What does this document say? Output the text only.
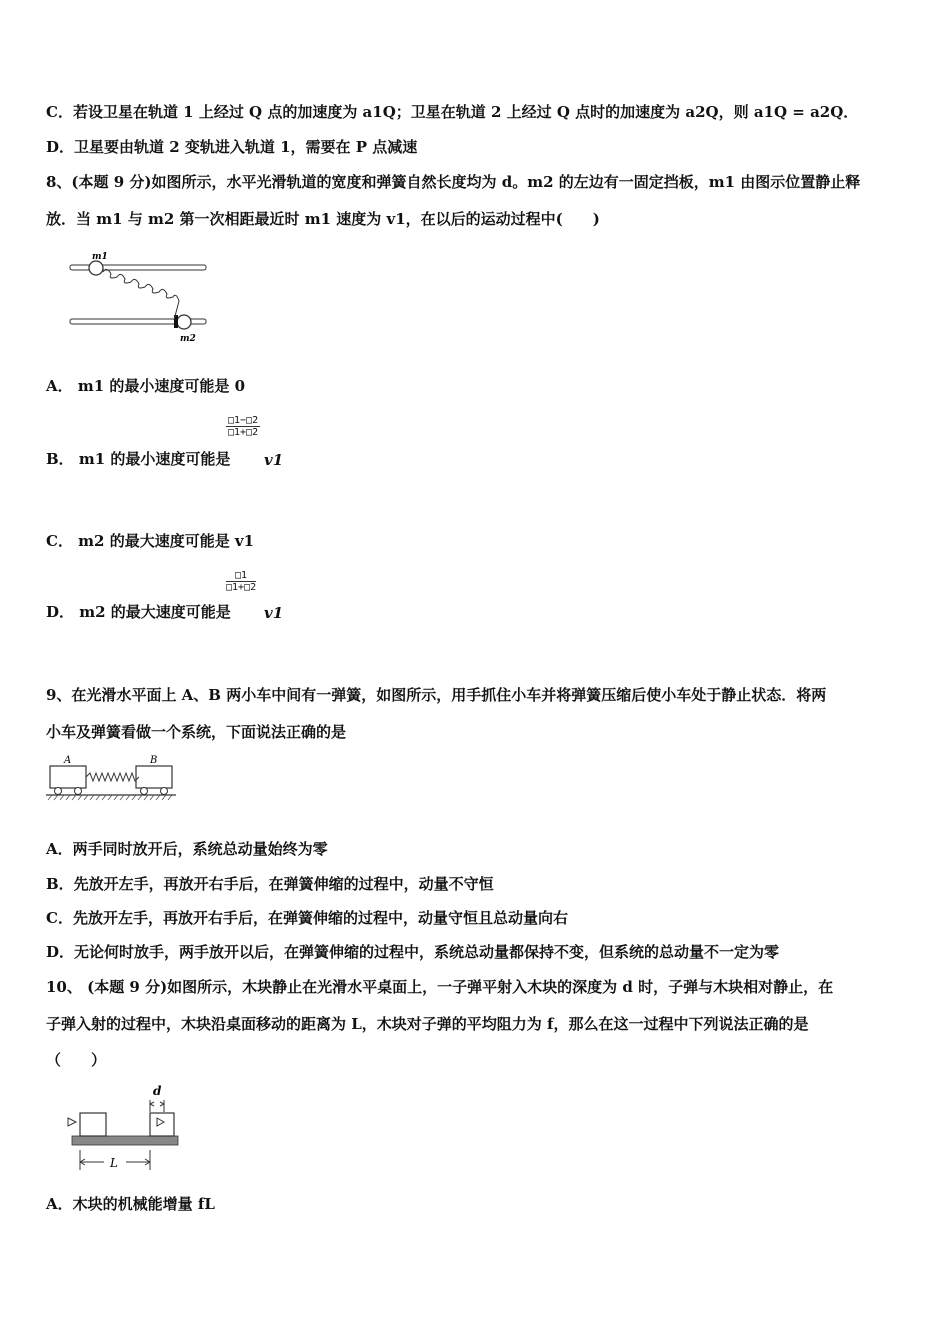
C．若设卫星在轨道 1 上经过 Q 点的加速度为 a1Q；卫星在轨道 2 上经过 Q 点时的加速度为 a2Q，则 a1Q = a2Q．
D．卫星要由轨道 2 变轨进入轨道 1，需要在 P 点减速
8、(本题 9 分)如图所示，水平光滑轨道的宽度和弹簧自然长度均为 d。m2 的左边有一固定挡板，m1 由图示位置静止释
放．当 m1 与 m2 第一次相距最近时 m1 速度为 v1，在以后的运动过程中(　　)
m1
m2
A． m1 的最小速度可能是 0
B． m1 的最小速度可能是
$\frac{□1-□2}{□1+□2}$
v1
C． m2 的最大速度可能是 v1
D． m2 的最大速度可能是
$\frac{□1}{□1+□2}$
v1
9、在光滑水平面上 A、B 两小车中间有一弹簧，如图所示，用手抓住小车并将弹簧压缩后使小车处于静止状态．将两
小车及弹簧看做一个系统，下面说法正确的是
A	B
A．两手同时放开后，系统总动量始终为零
B．先放开左手，再放开右手后，在弹簧伸缩的过程中，动量不守恒
C．先放开左手，再放开右手后，在弹簧伸缩的过程中，动量守恒且总动量向右
D．无论何时放手，两手放开以后，在弹簧伸缩的过程中，系统总动量都保持不变，但系统的总动量不一定为零
10、 (本题 9 分)如图所示，木块静止在光滑水平桌面上，一子弹平射入木块的深度为 d 时，子弹与木块相对静止，在
子弹入射的过程中，木块沿桌面移动的距离为 L，木块对子弹的平均阻力为 f，那么在这一过程中下列说法正确的是
（　　）
d
L
A．木块的机械能增量 fL
